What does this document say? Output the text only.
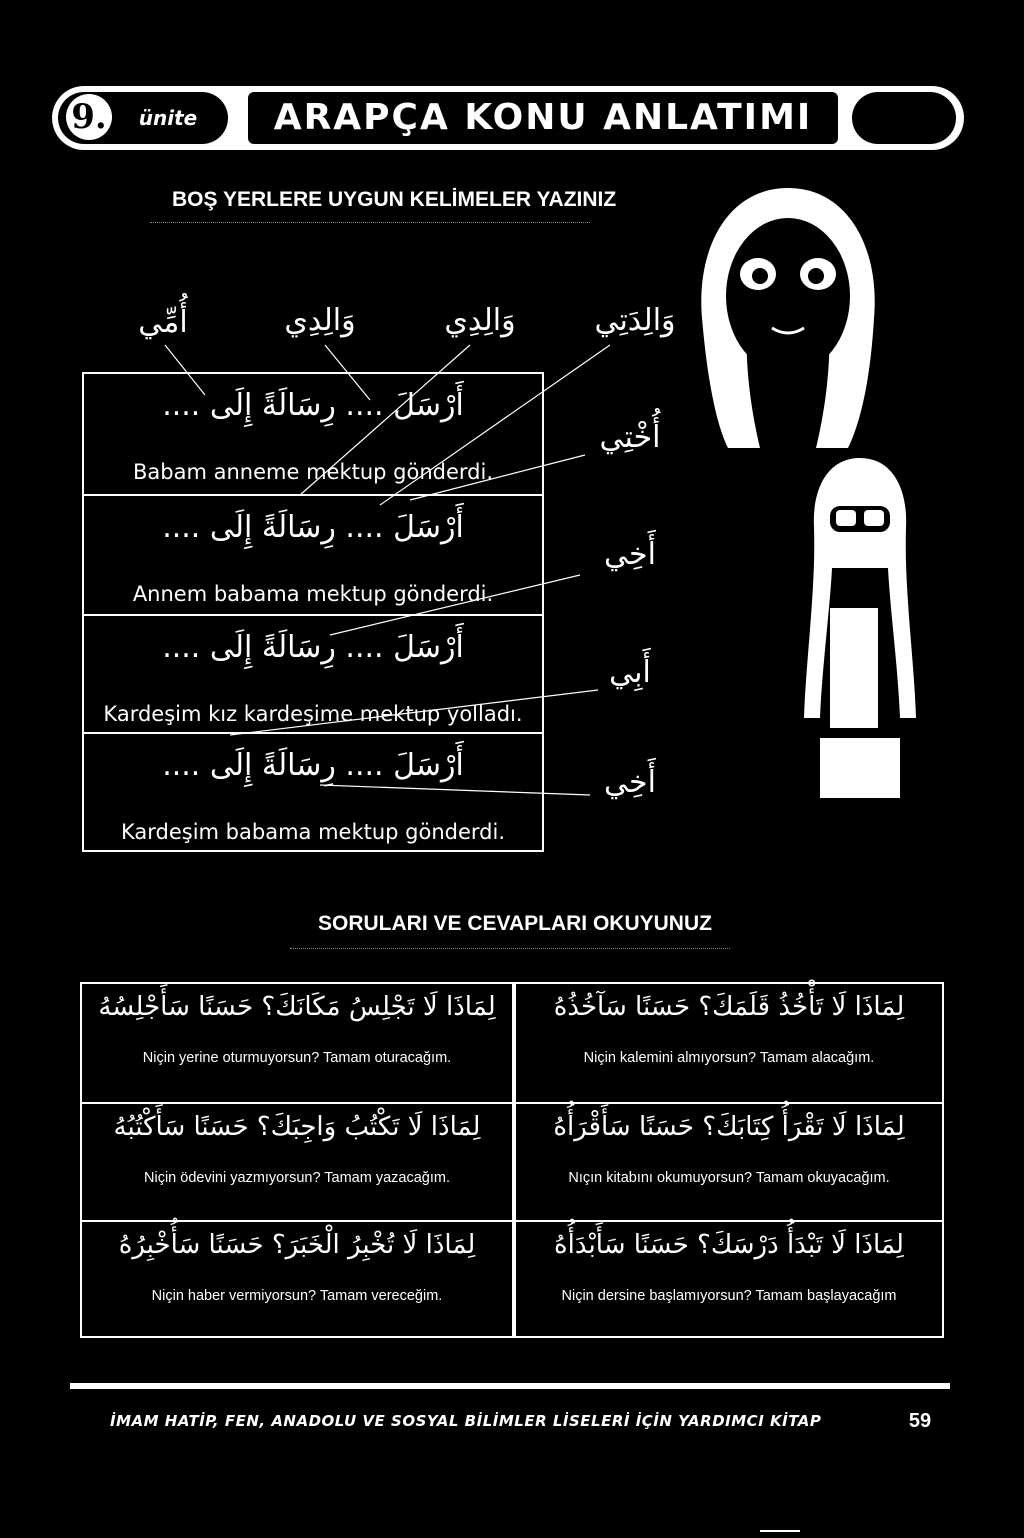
9.	ünite	ARAPÇA KONU ANLATIMI
BOŞ YERLERE UYGUN KELİMELER YAZINIZ
أُمِّي	وَالِدِي	وَالِدِي	وَالِدَتِي
أُخْتِي
أَخِي
أَبِي
أَخِي
أَرْسَلَ .... رِسَالَةً إِلَى ....
Babam anneme mektup gönderdi.
أَرْسَلَ .... رِسَالَةً إِلَى ....
Annem babama mektup gönderdi.
أَرْسَلَ .... رِسَالَةً إِلَى ....
Kardeşim kız kardeşime mektup yolladı.
أَرْسَلَ .... رِسَالَةً إِلَى ....
Kardeşim babama mektup gönderdi.
SORULARI VE CEVAPLARI OKUYUNUZ
لِمَاذَا لَا تَجْلِسُ مَكَانَكَ؟ حَسَنًا سَأَجْلِسُهُ
Niçin yerine oturmuyorsun? Tamam oturacağım.
لِمَاذَا لَا تَكْتُبُ وَاجِبَكَ؟ حَسَنًا سَأَكْتُبُهُ
Niçin ödevini yazmıyorsun? Tamam yazacağım.
لِمَاذَا لَا تُخْبِرُ الْخَبَرَ؟ حَسَنًا سَأُخْبِرُهُ
Niçin haber vermiyorsun? Tamam vereceğim.
لِمَاذَا لَا تَأْخُذُ قَلَمَكَ؟ حَسَنًا سَآخُذُهُ
Niçin kalemini almıyorsun? Tamam alacağım.
لِمَاذَا لَا تَقْرَأُ كِتَابَكَ؟ حَسَنًا سَأَقْرَأُهُ
Nıçın kitabını okumuyorsun? Tamam okuyacağım.
لِمَاذَا لَا تَبْدَأُ دَرْسَكَ؟ حَسَنًا سَأَبْدَأُهُ
Niçin dersine başlamıyorsun? Tamam başlayacağım
İMAM HATİP, FEN, ANADOLU VE SOSYAL BİLİMLER LİSELERİ İÇİN YARDIMCI KİTAP	59
